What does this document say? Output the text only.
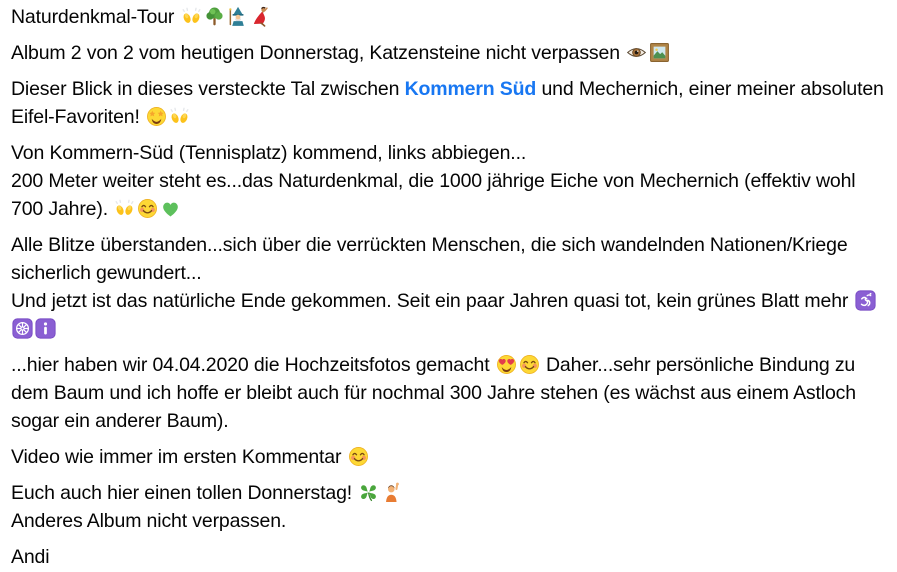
Naturdenkmal-Tour

Album 2 von 2 vom heutigen Donnerstag, Katzensteine nicht verpassen

Dieser Blick in dieses versteckte Tal zwischen Kommern Süd und Mechernich, einer meiner absoluten Eifel-Favoriten!

Von Kommern-Süd (Tennisplatz) kommend, links abbiegen...
200 Meter weiter steht es...das Naturdenkmal, die 1000 jährige Eiche von Mechernich (effektiv wohl 700 Jahre).

Alle Blitze überstanden...sich über die verrückten Menschen, die sich wandelnden Nationen/Kriege sicherlich gewundert...
Und jetzt ist das natürliche Ende gekommen. Seit ein paar Jahren quasi tot, kein grünes Blatt mehr

...hier haben wir 04.04.2020 die Hochzeitsfotos gemacht
Daher...sehr persönliche Bindung zu dem Baum und ich hoffe er bleibt auch für nochmal 300 Jahre stehen (es wächst aus einem Astloch sogar ein anderer Baum).

Video wie immer im ersten Kommentar

Euch auch hier einen tollen Donnerstag!

Anderes Album nicht verpassen.

Andi
